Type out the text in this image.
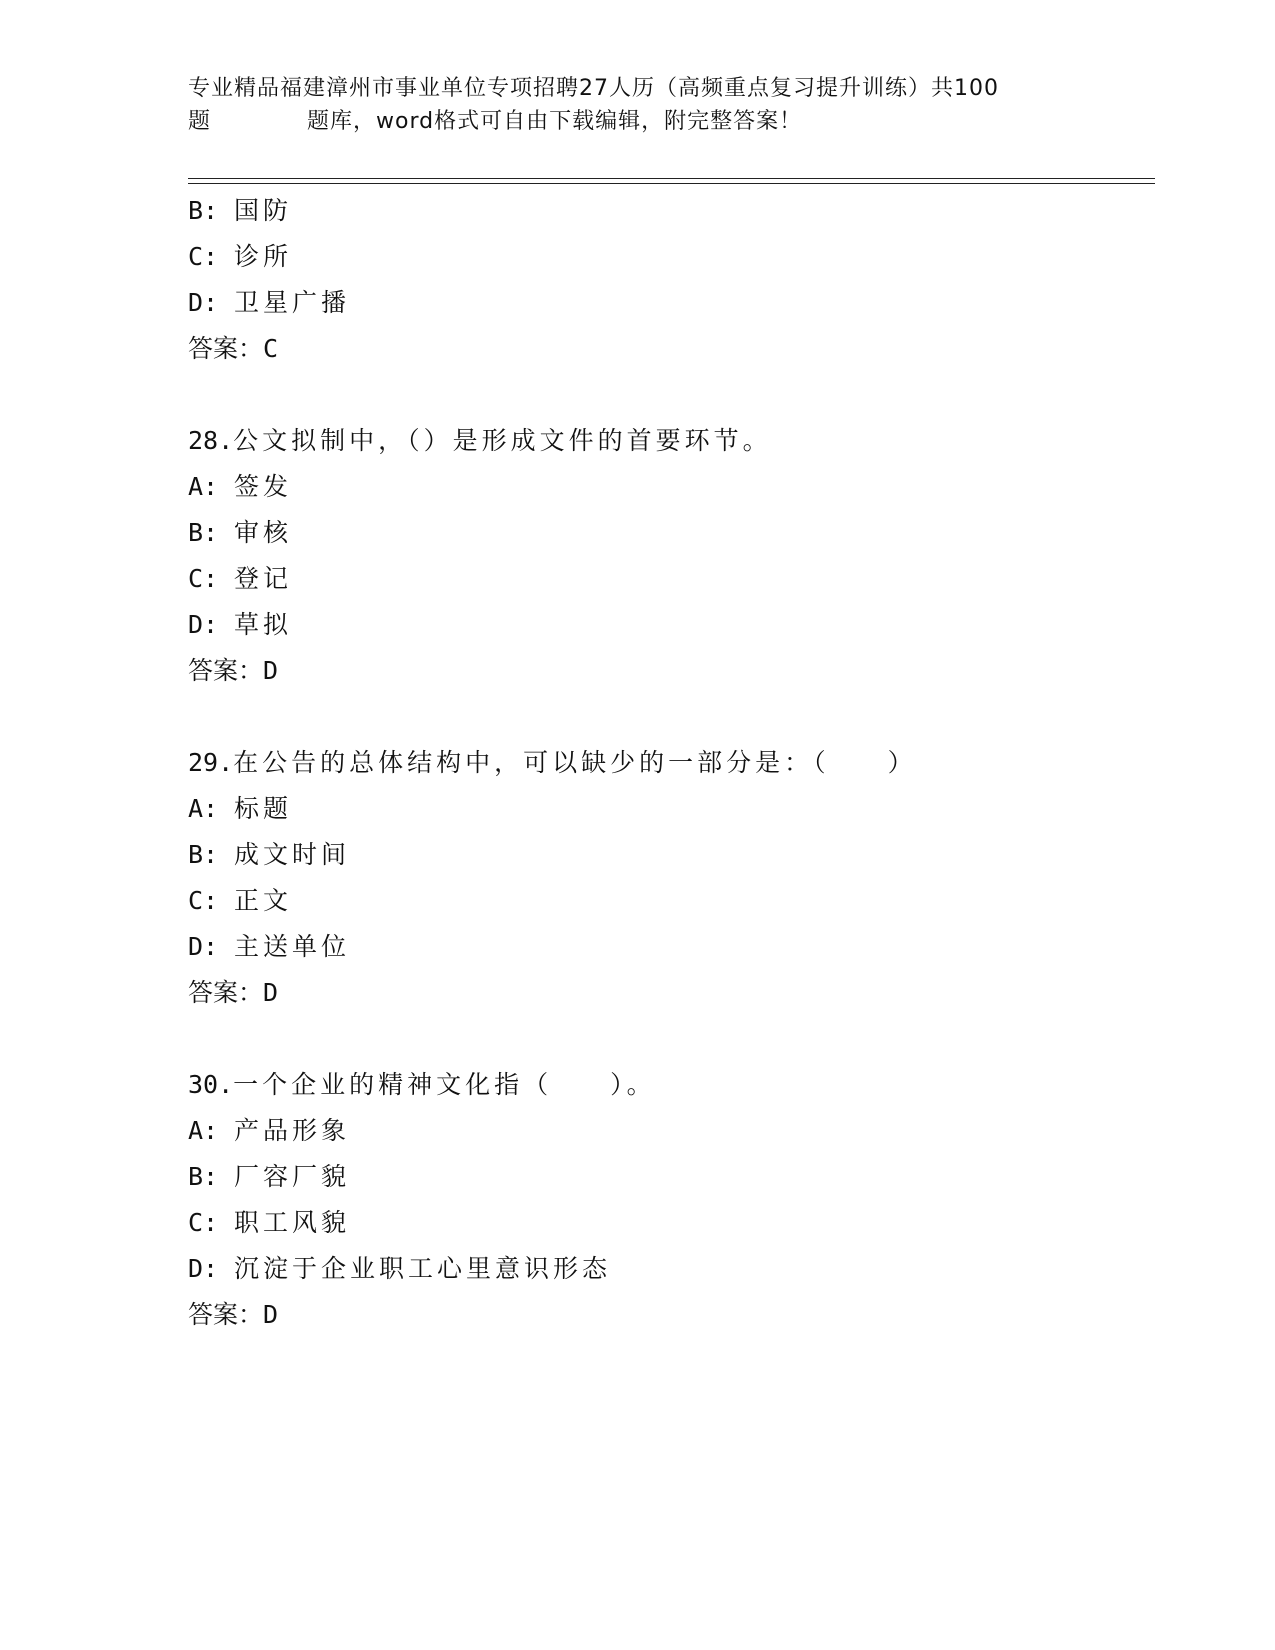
专业精品福建漳州市事业单位专项招聘27人历（高频重点复习提升训练）共100
题	题库，word格式可自由下载编辑，附完整答案！
B: 国防
C: 诊所
D: 卫星广播
答案：C
28.公文拟制中，（）是形成文件的首要环节。
A: 签发
B: 审核
C: 登记
D: 草拟
答案：D
29.在公告的总体结构中，可以缺少的一部分是：（　　）
A: 标题
B: 成文时间
C: 正文
D: 主送单位
答案：D
30.一个企业的精神文化指（　　）。
A: 产品形象
B: 厂容厂貌
C: 职工风貌
D: 沉淀于企业职工心里意识形态
答案：D
